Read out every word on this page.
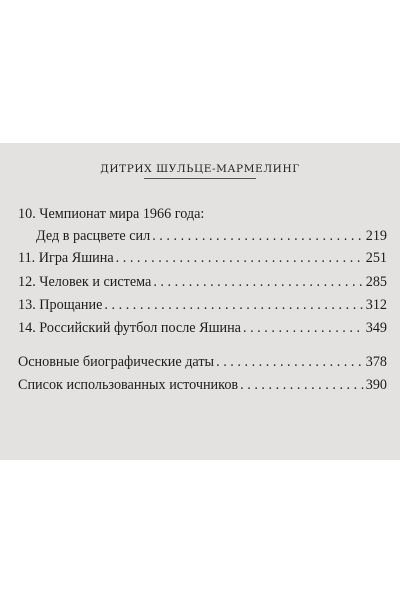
ДИТРИХ ШУЛЬЦЕ-МАРМЕЛИНГ
10. Чемпионат мира 1966 года:
Дед в расцвете сил . . .	219
11. Игра Яшина . . .	251
12. Человек и система . . .	285
13. Прощание . . .	312
14. Российский футбол после Яшина . . .	349
Основные биографические даты . . .	378
Список использованных источников . . .	390
